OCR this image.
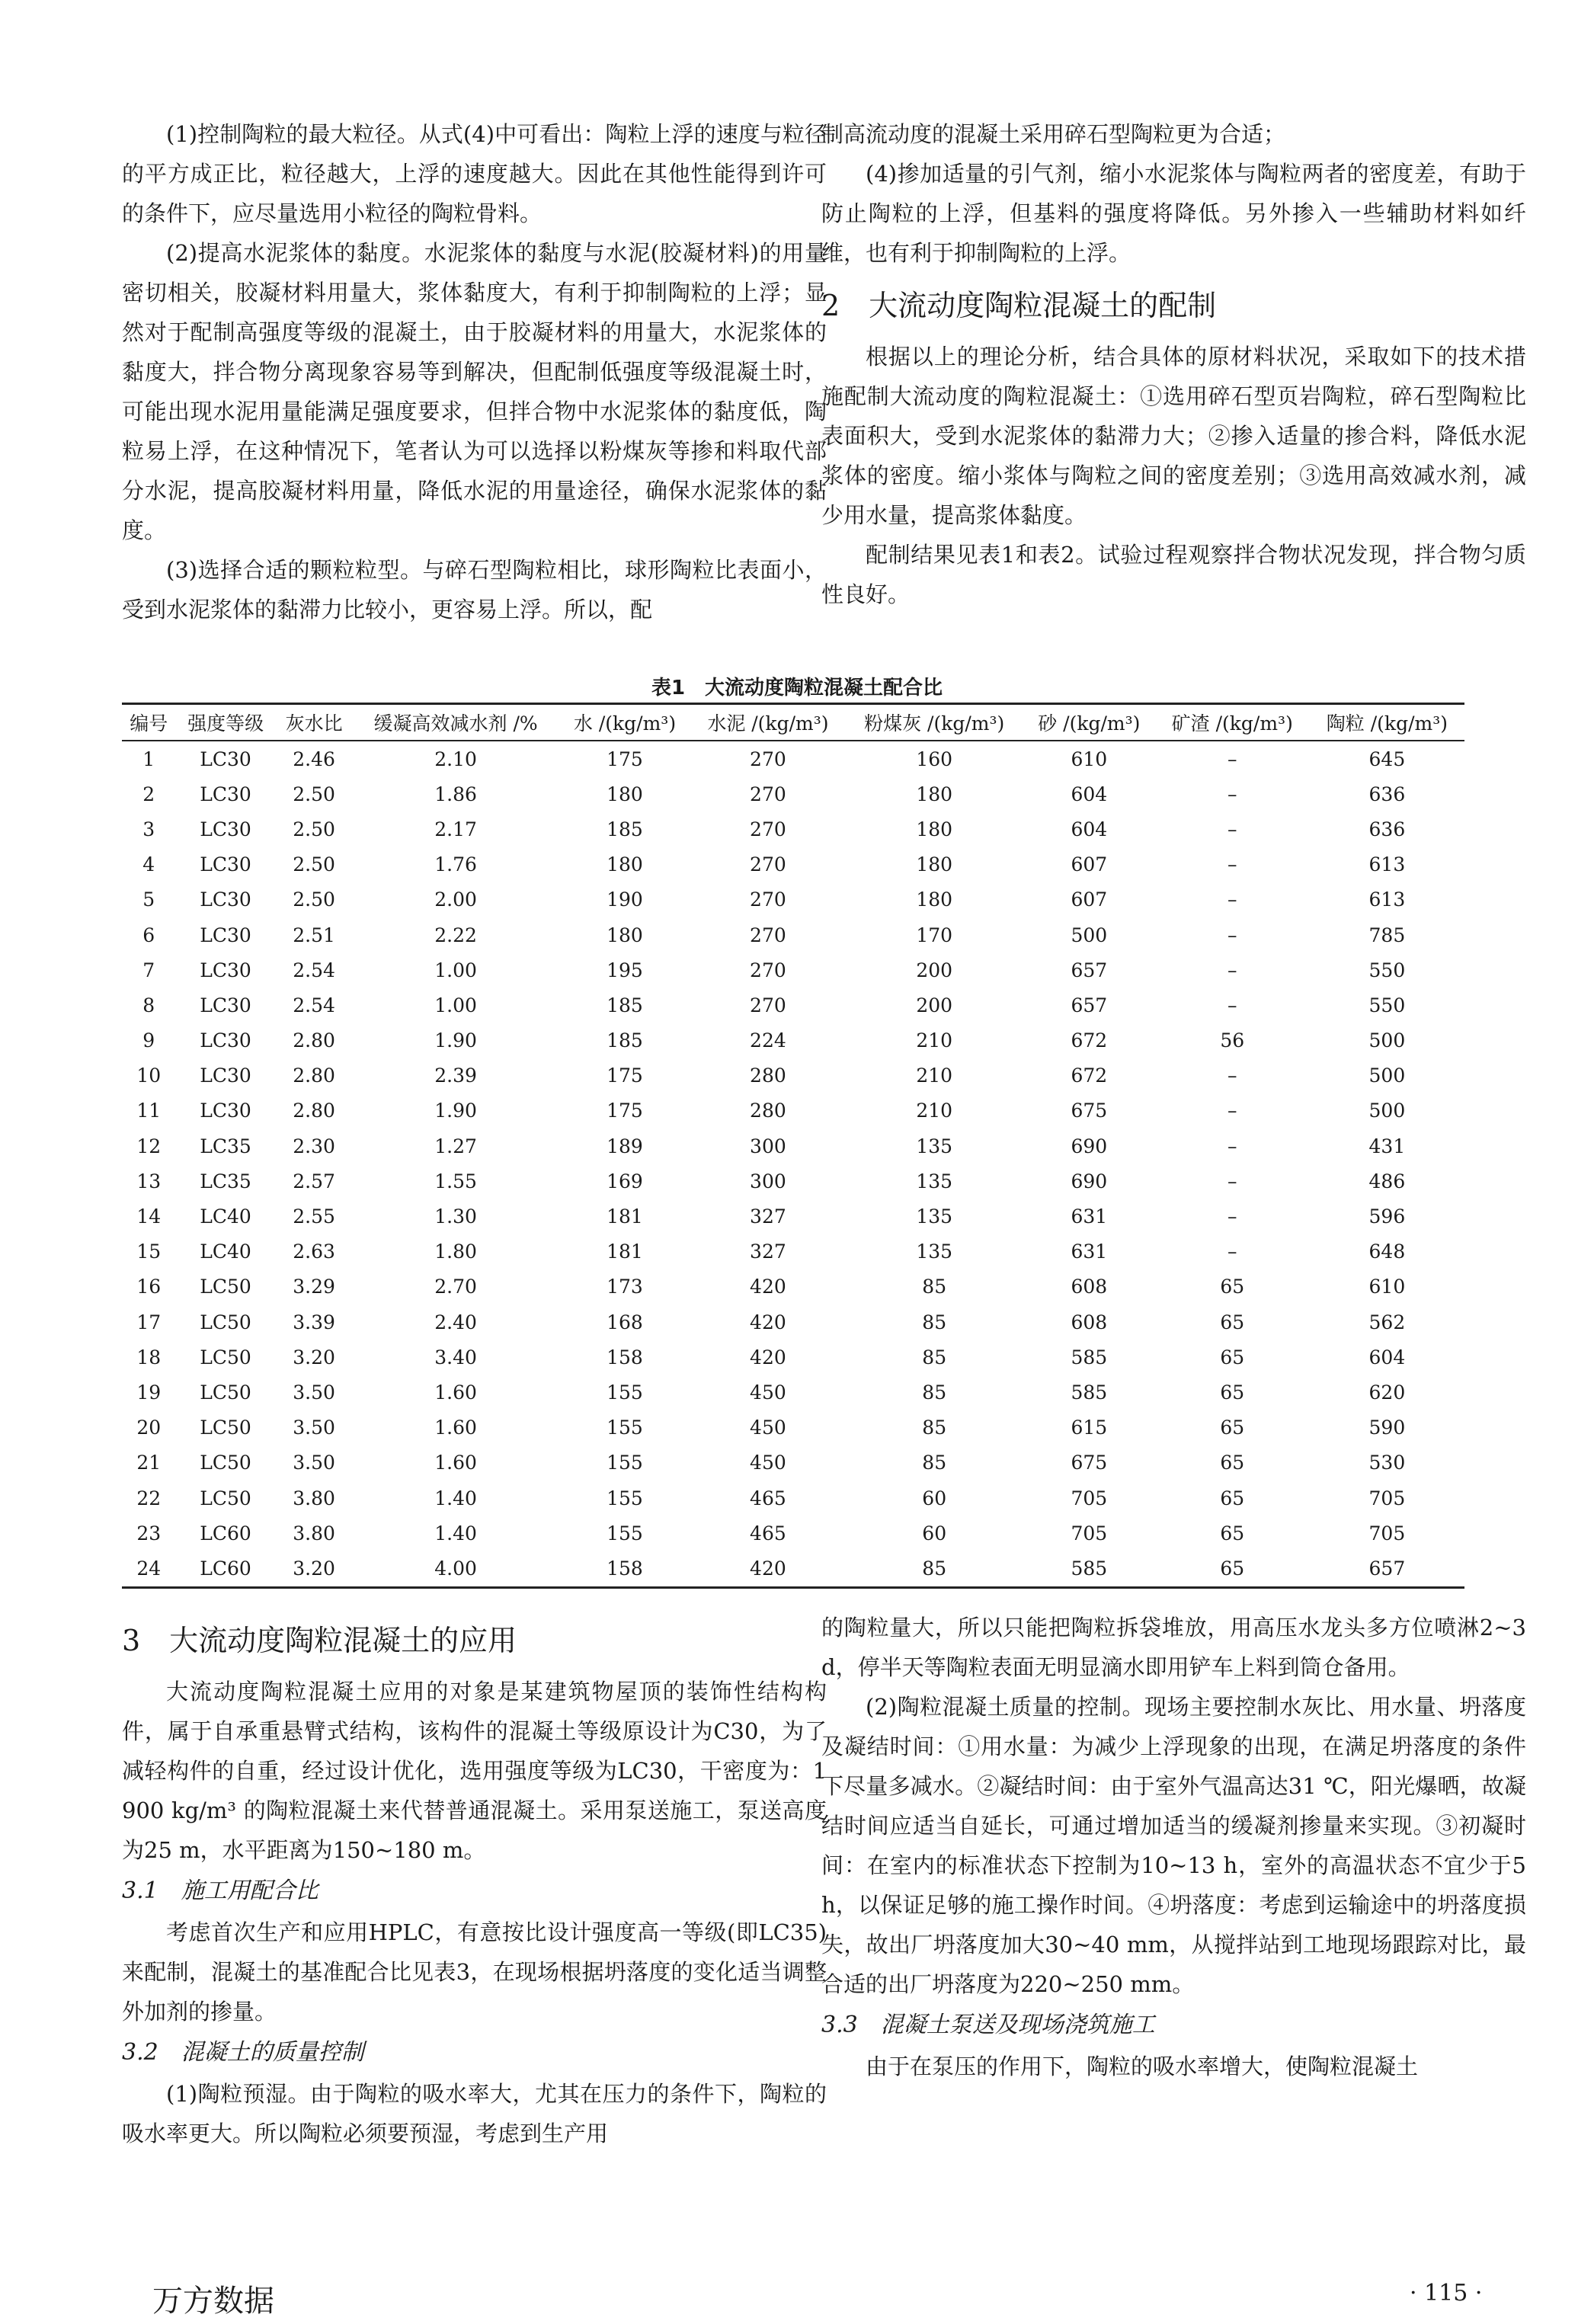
(1)控制陶粒的最大粒径。从式(4)中可看出：陶粒上浮的速度与粒径的平方成正比，粒径越大，上浮的速度越大。因此在其他性能得到许可的条件下，应尽量选用小粒径的陶粒骨料。

(2)提高水泥浆体的黏度。水泥浆体的黏度与水泥(胶凝材料)的用量密切相关，胶凝材料用量大，浆体黏度大，有利于抑制陶粒的上浮；显然对于配制高强度等级的混凝土，由于胶凝材料的用量大，水泥浆体的黏度大，拌合物分离现象容易等到解决，但配制低强度等级混凝土时，可能出现水泥用量能满足强度要求，但拌合物中水泥浆体的黏度低，陶粒易上浮，在这种情况下，笔者认为可以选择以粉煤灰等掺和料取代部分水泥，提高胶凝材料用量，降低水泥的用量途径，确保水泥浆体的黏度。

(3)选择合适的颗粒粒型。与碎石型陶粒相比，球形陶粒比表面小，受到水泥浆体的黏滞力比较小，更容易上浮。所以，配

制高流动度的混凝土采用碎石型陶粒更为合适；

(4)掺加适量的引气剂，缩小水泥浆体与陶粒两者的密度差，有助于防止陶粒的上浮，但基料的强度将降低。另外掺入一些辅助材料如纤维，也有利于抑制陶粒的上浮。

2　大流动度陶粒混凝土的配制

根据以上的理论分析，结合具体的原材料状况，采取如下的技术措施配制大流动度的陶粒混凝土：①选用碎石型页岩陶粒，碎石型陶粒比表面积大，受到水泥浆体的黏滞力大；②掺入适量的掺合料，降低水泥浆体的密度。缩小浆体与陶粒之间的密度差别；③选用高效减水剂，减少用水量，提高浆体黏度。

配制结果见表1和表2。试验过程观察拌合物状况发现，拌合物匀质性良好。

表1　大流动度陶粒混凝土配合比
编号	强度等级	灰水比	缓凝高效减水剂 /%	水 /(kg/m³)	水泥 /(kg/m³)	粉煤灰 /(kg/m³)	砂 /(kg/m³)	矿渣 /(kg/m³)	陶粒 /(kg/m³)
1	LC30	2.46	2.10	175	270	160	610	–	645
2	LC30	2.50	1.86	180	270	180	604	–	636
3	LC30	2.50	2.17	185	270	180	604	–	636
4	LC30	2.50	1.76	180	270	180	607	–	613
5	LC30	2.50	2.00	190	270	180	607	–	613
6	LC30	2.51	2.22	180	270	170	500	–	785
7	LC30	2.54	1.00	195	270	200	657	–	550
8	LC30	2.54	1.00	185	270	200	657	–	550
9	LC30	2.80	1.90	185	224	210	672	56	500
10	LC30	2.80	2.39	175	280	210	672	–	500
11	LC30	2.80	1.90	175	280	210	675	–	500
12	LC35	2.30	1.27	189	300	135	690	–	431
13	LC35	2.57	1.55	169	300	135	690	–	486
14	LC40	2.55	1.30	181	327	135	631	–	596
15	LC40	2.63	1.80	181	327	135	631	–	648
16	LC50	3.29	2.70	173	420	85	608	65	610
17	LC50	3.39	2.40	168	420	85	608	65	562
18	LC50	3.20	3.40	158	420	85	585	65	604
19	LC50	3.50	1.60	155	450	85	585	65	620
20	LC50	3.50	1.60	155	450	85	615	65	590
21	LC50	3.50	1.60	155	450	85	675	65	530
22	LC50	3.80	1.40	155	465	60	705	65	705
23	LC60	3.80	1.40	155	465	60	705	65	705
24	LC60	3.20	4.00	158	420	85	585	65	657
3　大流动度陶粒混凝土的应用

大流动度陶粒混凝土应用的对象是某建筑物屋顶的装饰性结构构件，属于自承重悬臂式结构，该构件的混凝土等级原设计为C30，为了减轻构件的自重，经过设计优化，选用强度等级为LC30，干密度为：1 900 kg/m³ 的陶粒混凝土来代替普通混凝土。采用泵送施工，泵送高度为25 m，水平距离为150~180 m。

3.1　施工用配合比

考虑首次生产和应用HPLC，有意按比设计强度高一等级(即LC35)来配制，混凝土的基准配合比见表3，在现场根据坍落度的变化适当调整外加剂的掺量。

3.2　混凝土的质量控制

(1)陶粒预湿。由于陶粒的吸水率大，尤其在压力的条件下，陶粒的吸水率更大。所以陶粒必须要预湿，考虑到生产用

的陶粒量大，所以只能把陶粒拆袋堆放，用高压水龙头多方位喷淋2~3 d，停半天等陶粒表面无明显滴水即用铲车上料到筒仓备用。

(2)陶粒混凝土质量的控制。现场主要控制水灰比、用水量、坍落度及凝结时间：①用水量：为减少上浮现象的出现，在满足坍落度的条件下尽量多减水。②凝结时间：由于室外气温高达31 ℃，阳光爆晒，故凝结时间应适当自延长，可通过增加适当的缓凝剂掺量来实现。③初凝时间：在室内的标准状态下控制为10~13 h，室外的高温状态不宜少于5 h，以保证足够的施工操作时间。④坍落度：考虑到运输途中的坍落度损失，故出厂坍落度加大30~40 mm，从搅拌站到工地现场跟踪对比，最合适的出厂坍落度为220~250 mm。

3.3　混凝土泵送及现场浇筑施工

由于在泵压的作用下，陶粒的吸水率增大，使陶粒混凝土

· 115 ·
万方数据
